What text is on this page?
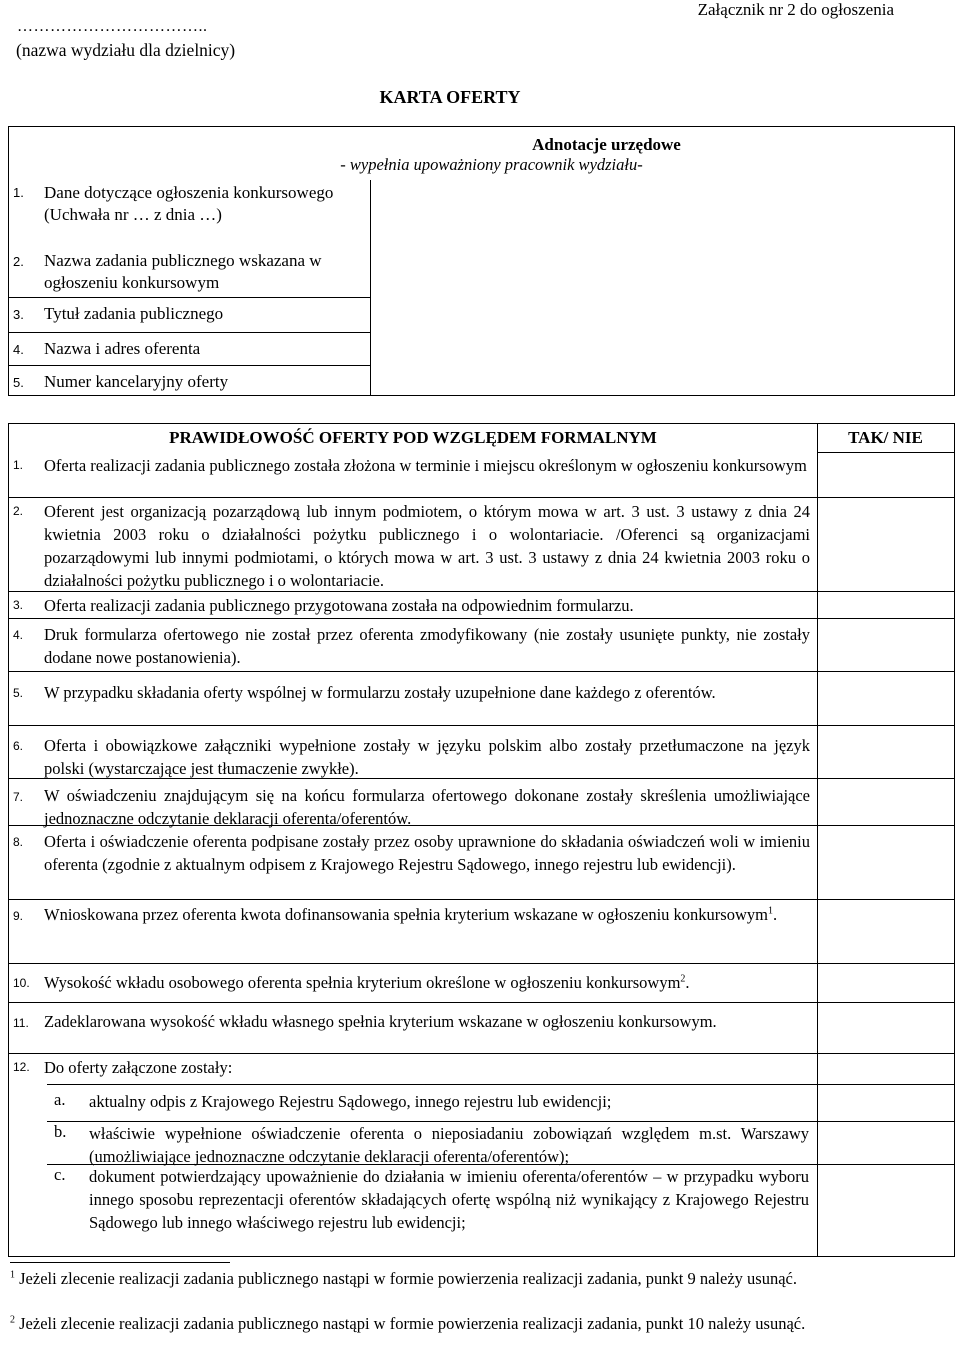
Załącznik nr 2 do ogłoszenia
……………………………..
(nazwa wydziału dla dzielnicy)
KARTA OFERTY
Adnotacje urzędowe
- wypełnia upoważniony pracownik wydziału-
1. Dane dotyczące ogłoszenia konkursowego (Uchwała nr … z dnia …)
2. Nazwa zadania publicznego wskazana w ogłoszeniu konkursowym
3. Tytuł zadania publicznego
4. Nazwa i adres oferenta
5. Numer kancelaryjny oferty
PRAWIDŁOWOŚĆ OFERTY POD WZGLĘDEM FORMALNYM	TAK/ NIE
1. Oferta realizacji zadania publicznego została złożona w terminie i miejscu określonym w ogłoszeniu konkursowym
2. Oferent jest organizacją pozarządową lub innym podmiotem, o którym mowa w art. 3 ust. 3 ustawy z dnia 24 kwietnia 2003 roku o działalności pożytku publicznego i o wolontariacie. /Oferenci są organizacjami pozarządowymi lub innymi podmiotami, o których mowa w art. 3 ust. 3 ustawy z dnia 24 kwietnia 2003 roku o działalności pożytku publicznego i o wolontariacie.
3. Oferta realizacji zadania publicznego przygotowana została na odpowiednim formularzu.
4. Druk formularza ofertowego nie został przez oferenta zmodyfikowany (nie zostały usunięte punkty, nie zostały dodane nowe postanowienia).
5. W przypadku składania oferty wspólnej w formularzu zostały uzupełnione dane każdego z oferentów.
6. Oferta i obowiązkowe załączniki wypełnione zostały w języku polskim albo zostały przetłumaczone na język polski (wystarczające jest tłumaczenie zwykłe).
7. W oświadczeniu znajdującym się na końcu formularza ofertowego dokonane zostały skreślenia umożliwiające jednoznaczne odczytanie deklaracji oferenta/oferentów.
8. Oferta i oświadczenie oferenta podpisane zostały przez osoby uprawnione do składania oświadczeń woli w imieniu oferenta (zgodnie z aktualnym odpisem z Krajowego Rejestru Sądowego, innego rejestru lub ewidencji).
9. Wnioskowana przez oferenta kwota dofinansowania spełnia kryterium wskazane w ogłoszeniu konkursowym$^1$.
10. Wysokość wkładu osobowego oferenta spełnia kryterium określone w ogłoszeniu konkursowym$^2$.
11. Zadeklarowana wysokość wkładu własnego spełnia kryterium wskazane w ogłoszeniu konkursowym.
12. Do oferty załączone zostały:
a. aktualny odpis z Krajowego Rejestru Sądowego, innego rejestru lub ewidencji;
b. właściwie wypełnione oświadczenie oferenta o nieposiadaniu zobowiązań względem m.st. Warszawy (umożliwiające jednoznaczne odczytanie deklaracji oferenta/oferentów);
c. dokument potwierdzający upoważnienie do działania w imieniu oferenta/oferentów – w przypadku wyboru innego sposobu reprezentacji oferentów składających ofertę wspólną niż wynikający z Krajowego Rejestru Sądowego lub innego właściwego rejestru lub ewidencji;
$^1$ Jeżeli zlecenie realizacji zadania publicznego nastąpi w formie powierzenia realizacji zadania, punkt 9 należy usunąć.
$^2$ Jeżeli zlecenie realizacji zadania publicznego nastąpi w formie powierzenia realizacji zadania, punkt 10 należy usunąć.
